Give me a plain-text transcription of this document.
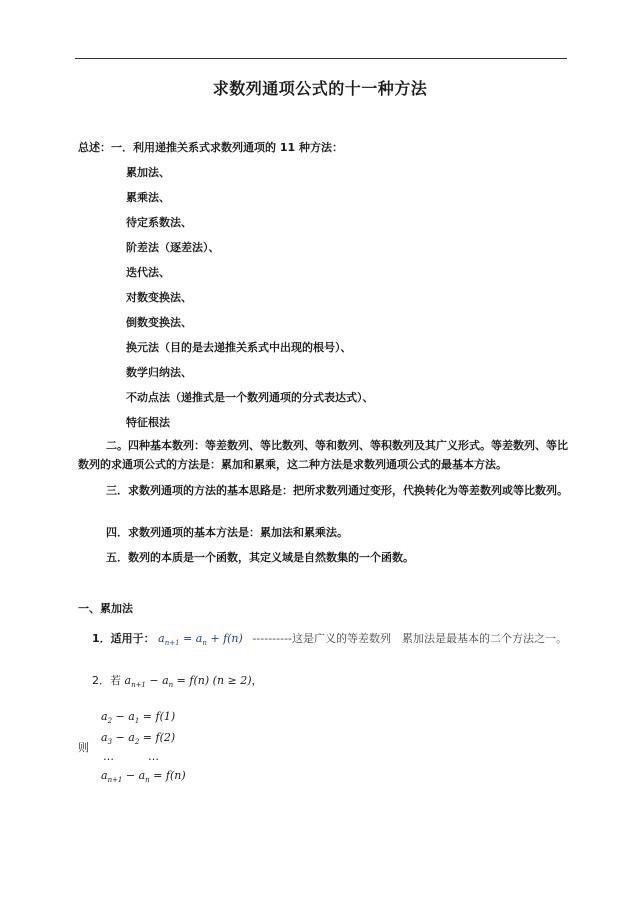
求数列通项公式的十一种方法
总述：一．利用递推关系式求数列通项的 11 种方法：
累加法、
累乘法、
待定系数法、
阶差法（逐差法）、
迭代法、
对数变换法、
倒数变换法、
换元法（目的是去递推关系式中出现的根号）、
数学归纳法、
不动点法（递推式是一个数列通项的分式表达式）、
特征根法
二。四种基本数列：等差数列、等比数列、等和数列、等积数列及其广义形式。等差数列、等比数列的求通项公式的方法是：累加和累乘，这二种方法是求数列通项公式的最基本方法。
三．求数列通项的方法的基本思路是：把所求数列通过变形，代换转化为等差数列或等比数列。
四．求数列通项的基本方法是：累加法和累乘法。
五．数列的本质是一个函数，其定义域是自然数集的一个函数。
一、累加法
1．适用于： $a_{n+1} = a_n + f(n)$ ----------这是广义的等差数列　累加法是最基本的二个方法之一。
2．若 $a_{n+1} - a_n = f(n) (n \ge 2)$，
则
$a_2 - a_1 = f(1)$
$a_3 - a_2 = f(2)$
…	…
$a_{n+1} - a_n = f(n)$
